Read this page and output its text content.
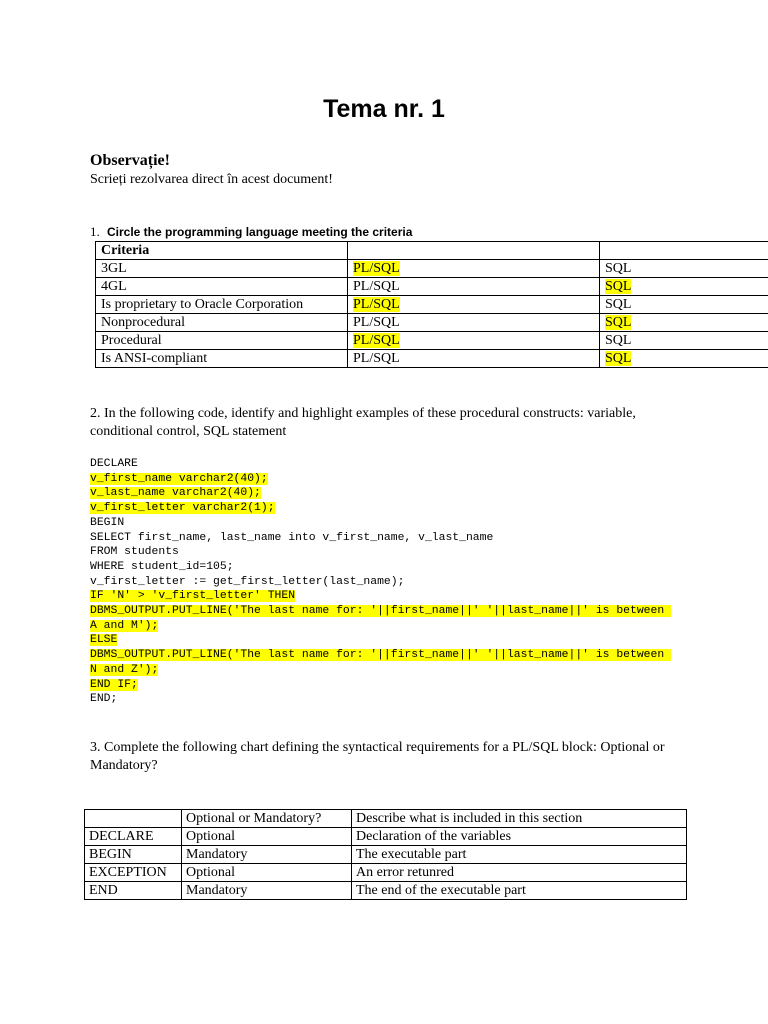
Tema nr. 1
Observație!
Scrieți rezolvarea direct în acest document!
1. Circle the programming language meeting the criteria
Criteria		
3GL	PL/SQL	SQL
4GL	PL/SQL	SQL
Is proprietary to Oracle Corporation	PL/SQL	SQL
Nonprocedural	PL/SQL	SQL
Procedural	PL/SQL	SQL
Is ANSI-compliant	PL/SQL	SQL
2. In the following code, identify and highlight examples of these procedural constructs: variable, conditional control, SQL statement
DECLARE
v_first_name varchar2(40);
v_last_name varchar2(40);
v_first_letter varchar2(1);
BEGIN
SELECT first_name, last_name into v_first_name, v_last_name
FROM students
WHERE student_id=105;
v_first_letter := get_first_letter(last_name);
IF 'N' > 'v_first_letter' THEN
DBMS_OUTPUT.PUT_LINE('The last name for: '||first_name||' '||last_name||' is between A and M');
ELSE
DBMS_OUTPUT.PUT_LINE('The last name for: '||first_name||' '||last_name||' is between N and Z');
END IF;
END;
3. Complete the following chart defining the syntactical requirements for a PL/SQL block: Optional or Mandatory?
	Optional or Mandatory?	Describe what is included in this section
DECLARE	Optional	Declaration of the variables
BEGIN	Mandatory	The executable part
EXCEPTION	Optional	An error retunred
END	Mandatory	The end of the executable part
